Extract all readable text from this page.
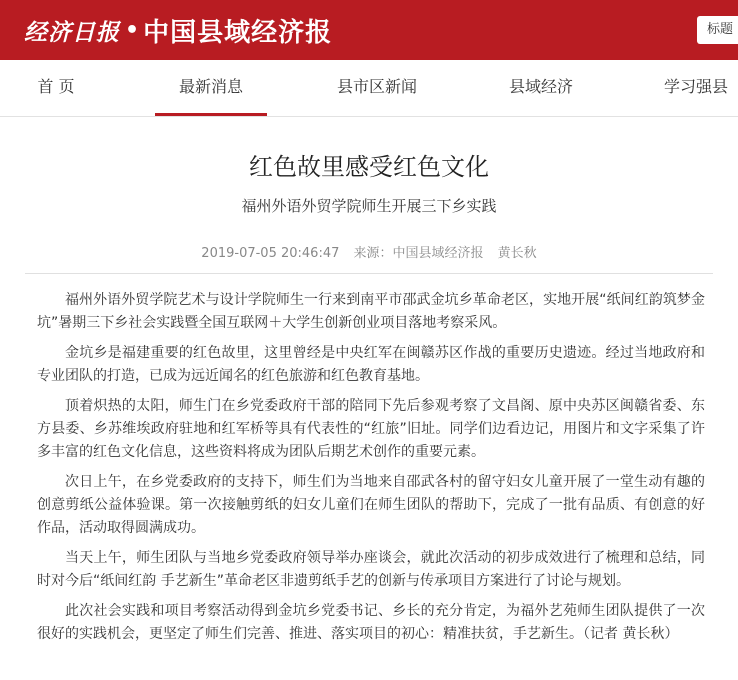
经济日报 • 中国县域经济报	标题
首 页	最新消息	县市区新闻	县域经济	学习强县
红色故里感受红色文化
福州外语外贸学院师生开展三下乡实践
2019-07-05 20:46:47 来源：中国县域经济报 黄长秋

福州外语外贸学院艺术与设计学院师生一行来到南平市邵武金坑乡革命老区，实地开展“纸间红韵筑梦金坑”暑期三下乡社会实践暨全国互联网＋大学生创新创业项目落地考察采风。

金坑乡是福建重要的红色故里，这里曾经是中央红军在闽赣苏区作战的重要历史遗迹。经过当地政府和专业团队的打造，已成为远近闻名的红色旅游和红色教育基地。

顶着炽热的太阳，师生门在乡党委政府干部的陪同下先后参观考察了文昌阁、原中央苏区闽赣省委、东方县委、乡苏维埃政府驻地和红军桥等具有代表性的“红旅”旧址。同学们边看边记，用图片和文字采集了许多丰富的红色文化信息，这些资料将成为团队后期艺术创作的重要元素。

次日上午，在乡党委政府的支持下，师生们为当地来自邵武各村的留守妇女儿童开展了一堂生动有趣的创意剪纸公益体验课。第一次接触剪纸的妇女儿童们在师生团队的帮助下，完成了一批有品质、有创意的好作品，活动取得圆满成功。

当天上午，师生团队与当地乡党委政府领导举办座谈会，就此次活动的初步成效进行了梳理和总结，同时对今后“纸间红韵 手艺新生”革命老区非遗剪纸手艺的创新与传承项目方案进行了讨论与规划。

此次社会实践和项目考察活动得到金坑乡党委书记、乡长的充分肯定，为福外艺苑师生团队提供了一次很好的实践机会，更坚定了师生们完善、推进、落实项目的初心：精准扶贫，手艺新生。（记者 黄长秋）
